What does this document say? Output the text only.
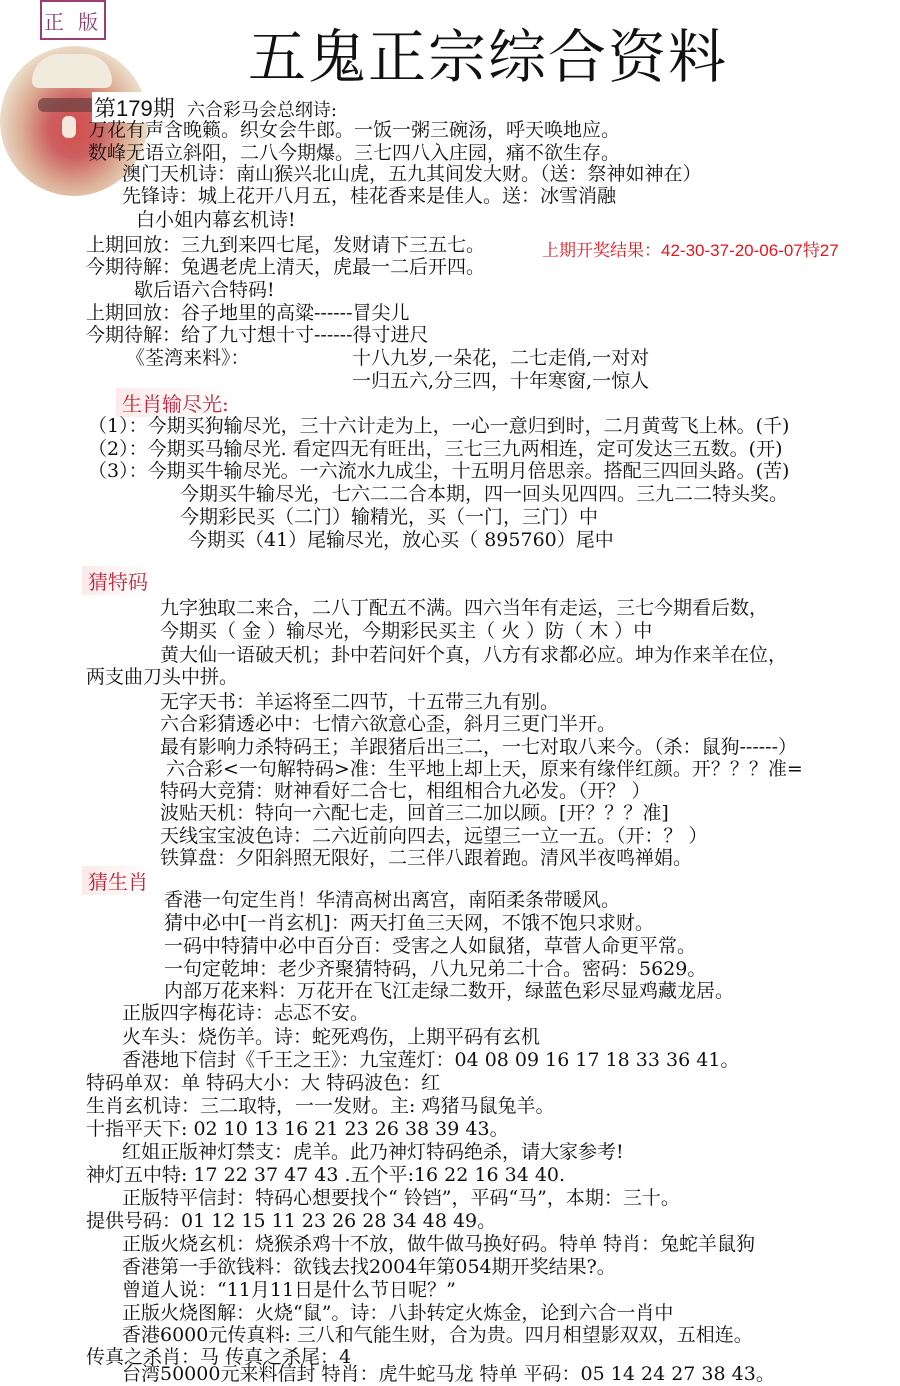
正 版
五鬼正宗综合资料
第179期 六合彩马会总纲诗:
万花有声含晚籁。织女会牛郎。一饭一粥三碗汤，呼天唤地应。
数峰无语立斜阳，二八今期爆。三七四八入庄园，痛不欲生存。
澳门天机诗：南山猴兴北山虎，五九其间发大财。（送：祭神如神在）
先锋诗：城上花开八月五，桂花香来是佳人。送：冰雪消融
白小姐内幕玄机诗!
上期回放：三九到来四七尾，发财请下三五七。	上期开奖结果：42-30-37-20-06-07特27
今期待解：兔遇老虎上清天，虎最一二后开四。
歇后语六合特码!
上期回放：谷子地里的高粱------冒尖儿
今期待解：给了九寸想十寸------得寸进尺
《荃湾来料》：	十八九岁,一朵花，二七走俏,一对对
一归五六,分三四，十年寒窗,一惊人
生肖输尽光:
（1）：今期买狗输尽光，三十六计走为上，一心一意归到时，二月黄莺飞上林。(千)
（2）：今期买马输尽光. 看定四无有旺出，三七三九两相连，定可发达三五数。(开)
（3）：今期买牛输尽光。一六流水九成尘，十五明月倍思亲。搭配三四回头路。(苦)
今期买牛输尽光，七六二二合本期，四一回头见四四。三九二二特头奖。
今期彩民买（二门）输精光，买（一门，三门）中
今期买（41）尾输尽光，放心买（ 895760）尾中
猜特码
九字独取二来合，二八丁配五不满。四六当年有走运，三七今期看后数，
今期买（ 金 ）输尽光，今期彩民买主（ 火 ）防（ 木 ）中
黄大仙一语破天机；卦中若问奸个真，八方有求都必应。坤为作来羊在位，
两支曲刀头中拼。
无字天书：羊运将至二四节，十五带三九有别。
六合彩猜透必中：七情六欲意心歪，斜月三更门半开。
最有影响力杀特码王；羊跟猪后出三二，一七对取八来今。（杀：鼠狗------）
六合彩<一句解特码>准：生平地上却上天，原来有缘伴红颜。开？？？准=
特码大竞猜：财神看好二合七，相组相合九必发。（开？ ）
波贴天机：特向一六配七走，回首三二加以顾。[开？？？准]
天线宝宝波色诗：二六近前向四去，远望三一立一五。（开：？ ）
铁算盘：夕阳斜照无限好，二三伴八跟着跑。清风半夜鸣禅娟。
猜生肖
香港一句定生肖！华清高树出离宫，南陌柔条带暖风。
猜中必中[一肖玄机]：两天打鱼三天网，不饿不饱只求财。
一码中特猜中必中百分百：受害之人如鼠猪，草菅人命更平常。
一句定乾坤：老少齐聚猜特码，八九兄弟二十合。密码：5629。
内部万花来料：万花开在飞江走绿二数开，绿蓝色彩尽显鸡藏龙居。
正版四字梅花诗：忐忑不安。
火车头：烧伤羊。诗：蛇死鸡伤，上期平码有玄机
香港地下信封《千王之王》：九宝莲灯：04 08 09 16 17 18 33 36 41。
特码单双：单 特码大小：大 特码波色：红
生肖玄机诗：三二取特，一一发财。主: 鸡猪马鼠兔羊。
十指平天下: 02 10 13 16 21 23 26 38 39 43。
红姐正版神灯禁支：虎羊。此乃神灯特码绝杀，请大家参考!
神灯五中特: 17 22 37 47 43 .五个平:16 22 16 34 40.
正版特平信封：特码心想要找个“ 铃铛”，平码“马”，本期：三十。
提供号码：01 12 15 11 23 26 28 34 48 49。
正版火烧玄机：烧猴杀鸡十不放，做牛做马换好码。特单 特肖：兔蛇羊鼠狗
香港第一手欲钱料：欲钱去找2004年第054期开奖结果?。
曾道人说：“11月11日是什么节日呢？”
正版火烧图解：火烧“鼠”。诗：八卦转定火炼金，论到六合一肖中
香港6000元传真料: 三八和气能生财，合为贵。四月相望影双双，五相连。
传真之杀肖：马 传真之杀尾：4
台湾50000元来料信封 特肖：虎牛蛇马龙 特单 平码：05 14 24 27 38 43。
